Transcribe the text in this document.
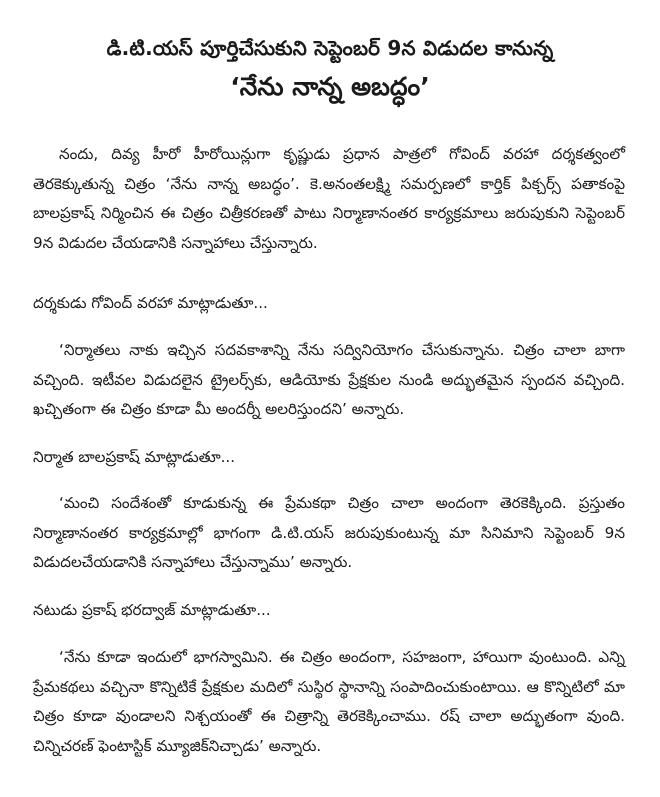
డి.టి.యస్ పూర్తిచేసుకుని సెప్టెంబర్ 9న విడుదల కానున్న
‘నేను నాన్న అబద్ధం’

నందు, దివ్య హీరో హీరోయిన్లుగా కృష్ణుడు ప్రధాన పాత్రలో గోవింద్ వరహా దర్శకత్వంలో తెరకెక్కుతున్న చిత్రం ‘నేను నాన్న అబద్ధం’. కె.అనంతలక్ష్మి సమర్పణలో కార్తిక్ పిక్చర్స్ పతాకంపై బాలప్రకాష్ నిర్మించిన ఈ చిత్రం చిత్రీకరణతో పాటు నిర్మాణానంతర కార్యక్రమాలు జరుపుకుని సెప్టెంబర్ 9న విడుదల చేయడానికి సన్నాహాలు చేస్తున్నారు.

దర్శకుడు గోవింద్ వరహా మాట్లాడుతూ...

‘నిర్మాతలు నాకు ఇచ్చిన సదవకాశాన్ని నేను సద్వినియోగం చేసుకున్నాను. చిత్రం చాలా బాగా వచ్చింది. ఇటీవల విడుదలైన ట్రైలర్స్‌కు, ఆడియోకు ప్రేక్షకుల నుండి అద్భుతమైన స్పందన వచ్చింది. ఖచ్చితంగా ఈ చిత్రం కూడా మీ అందర్నీ అలరిస్తుందని’ అన్నారు.

నిర్మాత బాలప్రకాష్ మాట్లాడుతూ...

‘మంచి సందేశంతో కూడుకున్న ఈ ప్రేమకథా చిత్రం చాలా అందంగా తెరకెక్కింది. ప్రస్తుతం నిర్మాణానంతర కార్యక్రమాల్లో భాగంగా డి.టి.యస్ జరుపుకుంటున్న మా సినిమాని సెప్టెంబర్ 9న విడుదలచేయడానికి సన్నాహాలు చేస్తున్నాము’ అన్నారు.

నటుడు ప్రకాష్ భరద్వాజ్ మాట్లాడుతూ...

‘నేను కూడా ఇందులో భాగస్వామిని. ఈ చిత్రం అందంగా, సహజంగా, హాయిగా వుంటుంది. ఎన్ని ప్రేమకథలు వచ్చినా కొన్నిటికే ప్రేక్షకుల మదిలో సుస్థిర స్థానాన్ని సంపాదించుకుంటాయి. ఆ కొన్నిటిలో మా చిత్రం కూడా వుండాలని నిశ్చయంతో ఈ చిత్రాన్ని తెరకెక్కించాము. రష్ చాలా అద్భుతంగా వుంది. చిన్నిచరణ్ ఫెంటాస్టిక్ మ్యూజిక్‌నిచ్చాడు’ అన్నారు.
